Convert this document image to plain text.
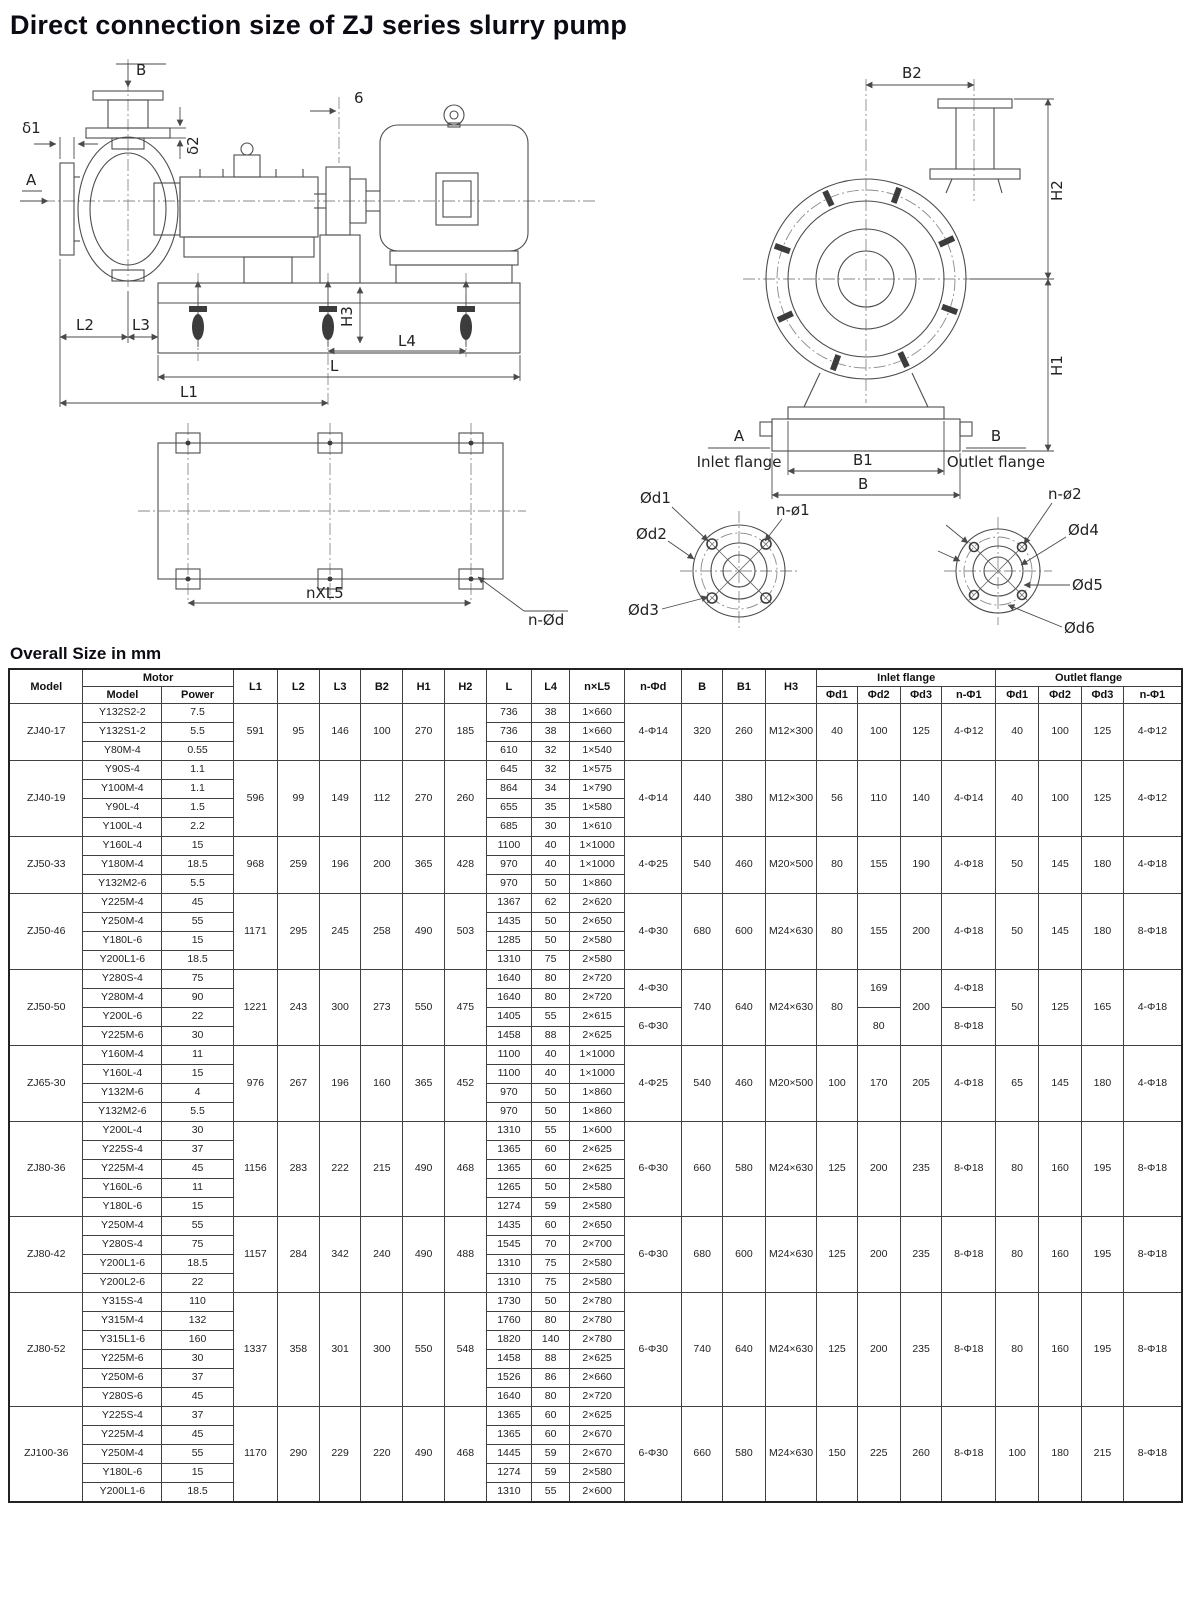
Direct connection size of ZJ series slurry pump
B
δ1
δ2
6
A
L2	L3	H3
L4
L
L1
nXL5
n-Ød
B2
H2
H1
B1
B
A
Inlet flange
Ød1
Ød2
Ød3
n-ø1
B
Outlet flange
n-ø2
Ød4
Ød5
Ød6
Overall Size in mm
Model	Motor		L1	L2	L3	B2	H1	H2	L	L4	n×L5	n-Φd	B	B1	H3	Inlet flange				Outlet flange			
	Model	Power														Φd1	Φd2	Φd3	n-Φ1	Φd1	Φd2	Φd3	n-Φ1
ZJ40-17	Y132S2-2	7.5	591	95	146	100	270	185	736	38	1×660	4-Φ14	320	260	M12×300	40	100	125	4-Φ12	40	100	125	4-Φ12
	Y132S1-2	5.5							736	38	1×660												
	Y80M-4	0.55							610	32	1×540												
ZJ40-19	Y90S-4	1.1	596	99	149	112	270	260	645	32	1×575	4-Φ14	440	380	M12×300	56	110	140	4-Φ14	40	100	125	4-Φ12
	Y100M-4	1.1							864	34	1×790												
	Y90L-4	1.5							655	35	1×580												
	Y100L-4	2.2							685	30	1×610												
ZJ50-33	Y160L-4	15	968	259	196	200	365	428	1100	40	1×1000	4-Φ25	540	460	M20×500	80	155	190	4-Φ18	50	145	180	4-Φ18
	Y180M-4	18.5							970	40	1×1000												
	Y132M2-6	5.5							970	50	1×860												
ZJ50-46	Y225M-4	45	1171	295	245	258	490	503	1367	62	2×620	4-Φ30	680	600	M24×630	80	155	200	4-Φ18	50	145	180	8-Φ18
	Y250M-4	55							1435	50	2×650												
	Y180L-6	15							1285	50	2×580												
	Y200L1-6	18.5							1310	75	2×580												
ZJ50-50	Y280S-4	75	1221	243	300	273	550	475	1640	80	2×720	4-Φ30	740	640	M24×630	80	169	200	4-Φ18	50	125	165	4-Φ18
	Y280M-4	90							1640	80	2×720												
	Y200L-6	22							1405	55	2×615	6-Φ30					80		8-Φ18				
	Y225M-6	30							1458	88	2×625												
ZJ65-30	Y160M-4	11	976	267	196	160	365	452	1100	40	1×1000	4-Φ25	540	460	M20×500	100	170	205	4-Φ18	65	145	180	4-Φ18
	Y160L-4	15							1100	40	1×1000												
	Y132M-6	4							970	50	1×860												
	Y132M2-6	5.5							970	50	1×860												
ZJ80-36	Y200L-4	30	1156	283	222	215	490	468	1310	55	1×600	6-Φ30	660	580	M24×630	125	200	235	8-Φ18	80	160	195	8-Φ18
	Y225S-4	37							1365	60	2×625												
	Y225M-4	45							1365	60	2×625												
	Y160L-6	11							1265	50	2×580												
	Y180L-6	15							1274	59	2×580												
ZJ80-42	Y250M-4	55	1157	284	342	240	490	488	1435	60	2×650	6-Φ30	680	600	M24×630	125	200	235	8-Φ18	80	160	195	8-Φ18
	Y280S-4	75							1545	70	2×700												
	Y200L1-6	18.5							1310	75	2×580												
	Y200L2-6	22							1310	75	2×580												
ZJ80-52	Y315S-4	110	1337	358	301	300	550	548	1730	50	2×780	6-Φ30	740	640	M24×630	125	200	235	8-Φ18	80	160	195	8-Φ18
	Y315M-4	132							1760	80	2×780												
	Y315L1-6	160							1820	140	2×780												
	Y225M-6	30							1458	88	2×625												
	Y250M-6	37							1526	86	2×660												
	Y280S-6	45							1640	80	2×720												
ZJ100-36	Y225S-4	37	1170	290	229	220	490	468	1365	60	2×625	6-Φ30	660	580	M24×630	150	225	260	8-Φ18	100	180	215	8-Φ18
	Y225M-4	45							1365	60	2×670												
	Y250M-4	55							1445	59	2×670												
	Y180L-6	15							1274	59	2×580												
	Y200L1-6	18.5							1310	55	2×600												
